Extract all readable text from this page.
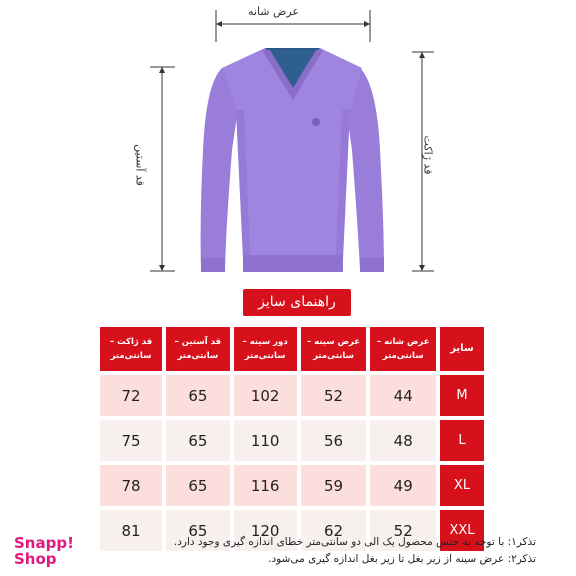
عرض شانه
قد آستین	قد ژاکت
راهنمای سایز
قد ژاکت – سانتی‌متر	قد آستین – سانتی‌متر	دور سینه – سانتی‌متر	عرض سینه – سانتی‌متر	عرض شانه – سانتی‌متر	سایز
72	65	102	52	44	M
75	65	110	56	48	L
78	65	116	59	49	XL
81	65	120	62	52	XXL
تذکر۱: با توجه به جنس محصول یک الی دو سانتی‌متر خطای اندازه گیری وجود دارد.
تذکر۲: عرض سینه از زیر بغل تا زیر بغل اندازه گیری می‌شود.
Snapp!
Shop
